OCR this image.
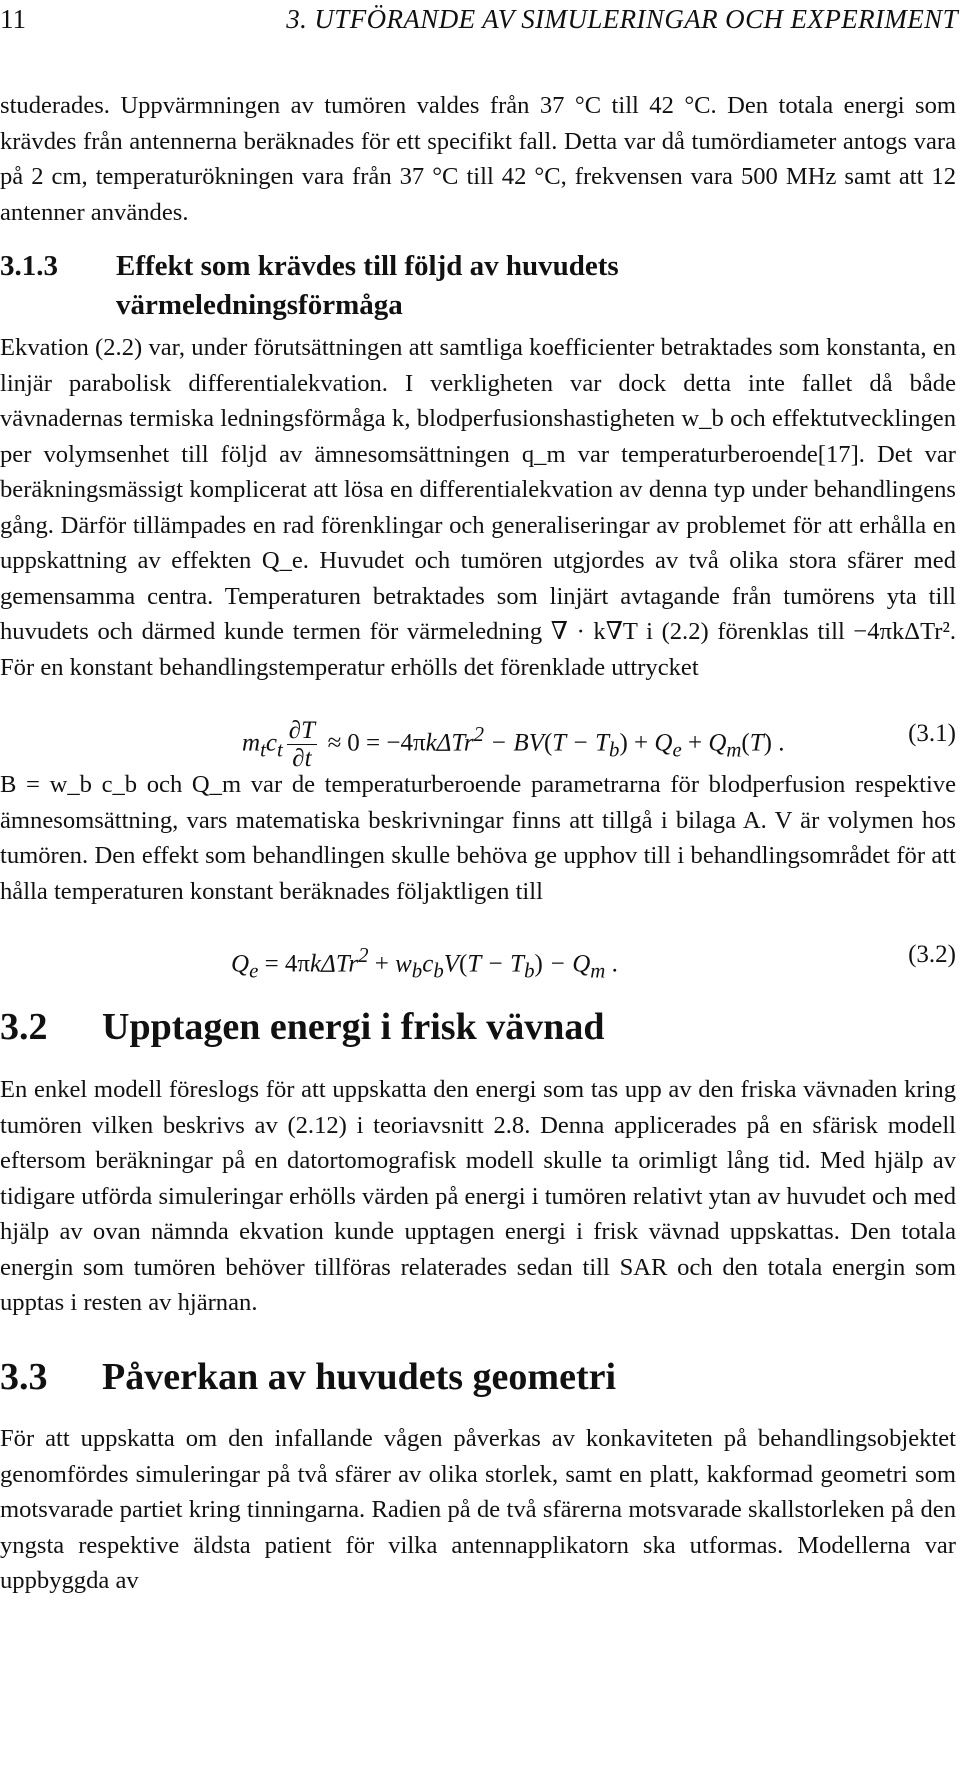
11	3. UTFÖRANDE AV SIMULERINGAR OCH EXPERIMENT

studerades. Uppvärmningen av tumören valdes från 37 °C till 42 °C. Den totala energi som krävdes från antennerna beräknades för ett specifikt fall. Detta var då tumördiameter antogs vara på 2 cm, temperaturökningen vara från 37 °C till 42 °C, frekvensen vara 500 MHz samt att 12 antenner användes.

3.1.3 Effekt som krävdes till följd av huvudets värmeledningsförmåga

Ekvation (2.2) var, under förutsättningen att samtliga koefficienter betraktades som konstanta, en linjär parabolisk differentialekvation. I verkligheten var dock detta inte fallet då både vävnadernas termiska ledningsförmåga k, blodperfusionshastigheten w_b och effektutvecklingen per volymsenhet till följd av ämnesomsättningen q_m var temperaturberoende[17]. Det var beräkningsmässigt komplicerat att lösa en differentialekvation av denna typ under behandlingens gång. Därför tillämpades en rad förenklingar och generaliseringar av problemet för att erhålla en uppskattning av effekten Q_e. Huvudet och tumören utgjordes av två olika stora sfärer med gemensamma centra. Temperaturen betraktades som linjärt avtagande från tumörens yta till huvudets och därmed kunde termen för värmeledning ∇ · k∇T i (2.2) förenklas till −4πkΔTr². För en konstant behandlingstemperatur erhölls det förenklade uttrycket

$m_tc_t \frac{\partial T}{\partial t} \approx 0 = -4\pi k\Delta Tr^2 - BV(T - T_b) + Q_e + Q_m(T)$ .	(3.1)

B = w_b c_b och Q_m var de temperaturberoende parametrarna för blodperfusion respektive ämnesomsättning, vars matematiska beskrivningar finns att tillgå i bilaga A. V är volymen hos tumören. Den effekt som behandlingen skulle behöva ge upphov till i behandlingsområdet för att hålla temperaturen konstant beräknades följaktligen till

$Q_e = 4\pi k\Delta Tr^2 + w_bc_bV(T - T_b) - Q_m$ .	(3.2)
3.2 Upptagen energi i frisk vävnad

En enkel modell föreslogs för att uppskatta den energi som tas upp av den friska vävnaden kring tumören vilken beskrivs av (2.12) i teoriavsnitt 2.8. Denna applicerades på en sfärisk modell eftersom beräkningar på en datortomografisk modell skulle ta orimligt lång tid. Med hjälp av tidigare utförda simuleringar erhölls värden på energi i tumören relativt ytan av huvudet och med hjälp av ovan nämnda ekvation kunde upptagen energi i frisk vävnad uppskattas. Den totala energin som tumören behöver tillföras relaterades sedan till SAR och den totala energin som upptas i resten av hjärnan.

3.3 Påverkan av huvudets geometri

För att uppskatta om den infallande vågen påverkas av konkaviteten på behandlingsobjektet genomfördes simuleringar på två sfärer av olika storlek, samt en platt, kakformad geometri som motsvarade partiet kring tinningarna. Radien på de två sfärerna motsvarade skallstorleken på den yngsta respektive äldsta patient för vilka antennapplikatorn ska utformas. Modellerna var uppbyggda av
